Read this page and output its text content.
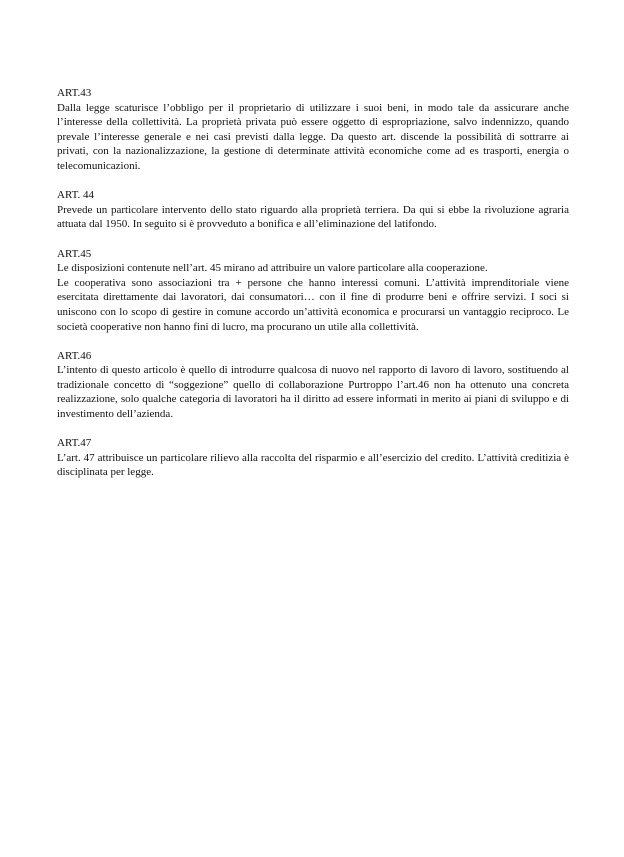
ART.43

Dalla legge scaturisce l’obbligo per il proprietario di utilizzare i suoi beni, in modo tale da assicurare anche l’interesse della collettività. La proprietà privata può essere oggetto di espropriazione, salvo indennizzo, quando prevale l’interesse generale e nei casi previsti dalla legge. Da questo art. discende la possibilità di sottrarre ai privati, con la nazionalizzazione, la gestione di determinate attività economiche come ad es trasporti, energia o telecomunicazioni.

ART. 44

Prevede un particolare intervento dello stato riguardo alla proprietà terriera. Da qui si ebbe la rivoluzione agraria attuata dal 1950. In seguito si è provveduto a bonifica e all’eliminazione del latifondo.

ART.45

Le disposizioni contenute nell’art. 45 mirano ad attribuire un valore particolare alla cooperazione.

Le cooperativa sono associazioni tra + persone che hanno interessi comuni. L’attività imprenditoriale viene esercitata direttamente dai lavoratori, dai consumatori… con il fine di produrre beni e offrire servizi. I soci si uniscono con lo scopo di gestire in comune accordo un’attività economica e procurarsi un vantaggio reciproco. Le società cooperative non hanno fini di lucro, ma procurano un utile alla collettività.

ART.46

L’intento di questo articolo è quello di introdurre qualcosa di nuovo nel rapporto di lavoro di lavoro, sostituendo al tradizionale concetto di “soggezione” quello di collaborazione Purtroppo l’art.46 non ha ottenuto una concreta realizzazione, solo qualche categoria di lavoratori ha il diritto ad essere informati in merito ai piani di sviluppo e di investimento dell’azienda.

ART.47

L’art. 47 attribuisce un particolare rilievo alla raccolta del risparmio e all’esercizio del credito. L’attività creditizia è disciplinata per legge.
